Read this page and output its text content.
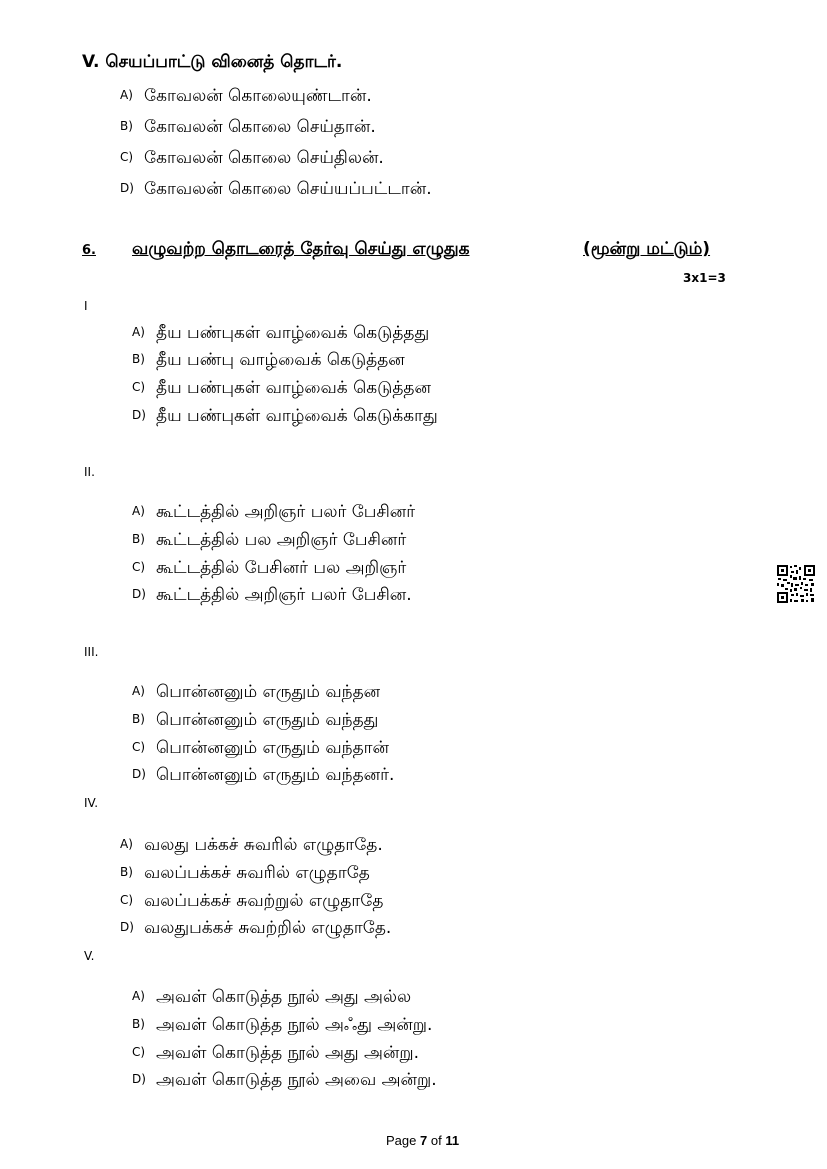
V. செயப்பாட்டு வினைத் தொடர்.
A) கோவலன் கொலையுண்டான்.
B) கோவலன் கொலை செய்தான்.
C) கோவலன் கொலை செய்திலன்.
D) கோவலன் கொலை செய்யப்பட்டான்.
6. வழுவற்ற தொடரைத் தேர்வு செய்து எழுதுக	(மூன்று மட்டும்)
3x1=3
I
A) தீய பண்புகள் வாழ்வைக் கெடுத்தது
B) தீய பண்பு வாழ்வைக் கெடுத்தன
C) தீய பண்புகள் வாழ்வைக் கெடுத்தன
D) தீய பண்புகள் வாழ்வைக் கெடுக்காது
II.
A) கூட்டத்தில் அறிஞர் பலர் பேசினர்
B) கூட்டத்தில் பல அறிஞர் பேசினர்
C) கூட்டத்தில் பேசினர் பல அறிஞர்
D) கூட்டத்தில் அறிஞர் பலர் பேசின.
III.
A) பொன்னனும் எருதும் வந்தன
B) பொன்னனும் எருதும் வந்தது
C) பொன்னனும் எருதும் வந்தான்
D) பொன்னனும் எருதும் வந்தனர்.
IV.
A) வலது பக்கச் சுவரில் எழுதாதே.
B) வலப்பக்கச் சுவரில் எழுதாதே
C) வலப்பக்கச் சுவற்றுல் எழுதாதே
D) வலதுபக்கச் சுவற்றில் எழுதாதே.
V.
A) அவள் கொடுத்த நூல் அது அல்ல
B) அவள் கொடுத்த நூல் அஃது அன்று.
C) அவள் கொடுத்த நூல் அது அன்று.
D) அவள் கொடுத்த நூல் அவை அன்று.
Page 7 of 11
